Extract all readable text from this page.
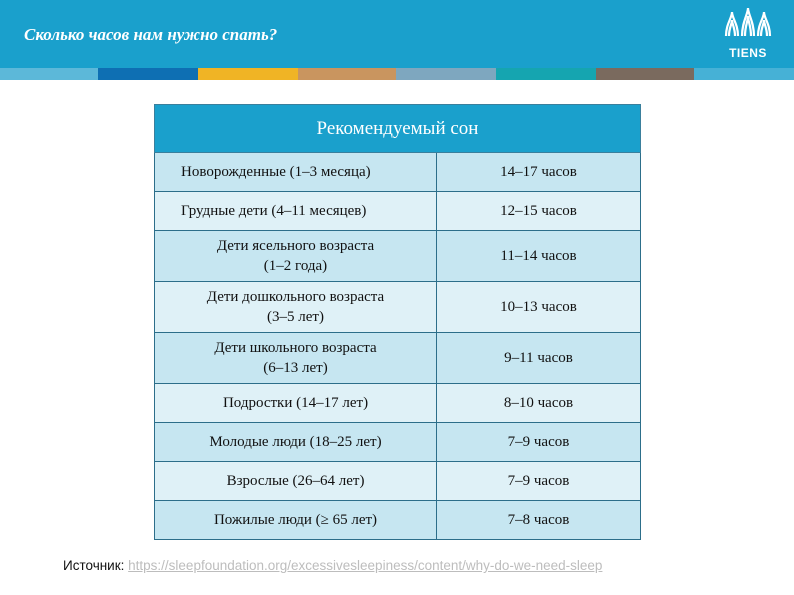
Сколько часов нам нужно спать?
TIENS
Рекомендуемый сон	

Новорожденные (1–3 месяца)	14–17 часов

Грудные дети (4–11 месяцев)	12–15 часов

Дети ясельного возраста
(1–2 года)	11–14 часов

Дети дошкольного возраста
(3–5 лет)	10–13 часов

Дети школьного возраста
(6–13 лет)	9–11 часов

Подростки (14–17 лет)	8–10 часов

Молодые люди (18–25 лет)	7–9 часов

Взрослые (26–64 лет)	7–9 часов

Пожилые люди (≥ 65 лет)	7–8 часов
Источник: https://sleepfoundation.org/excessivesleepiness/content/why-do-we-need-sleep
